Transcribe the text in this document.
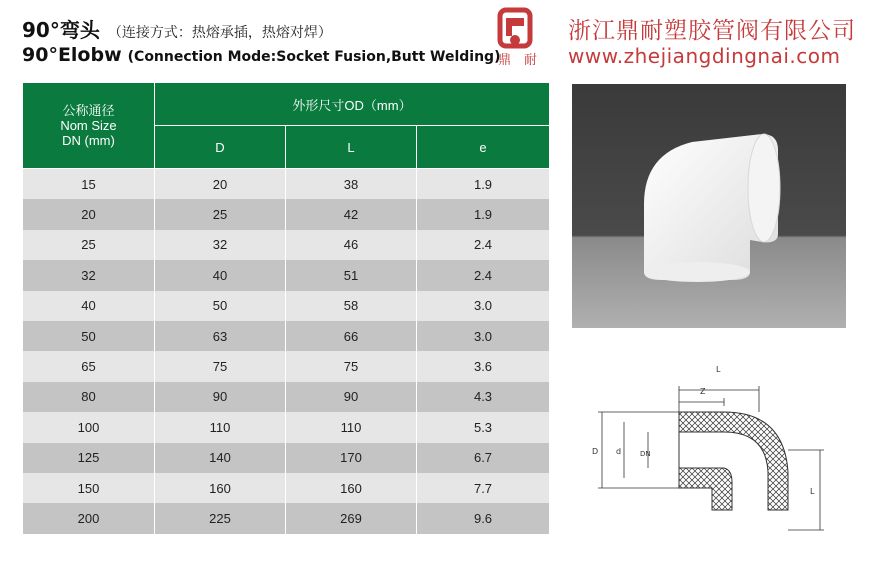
90°弯头 （连接方式：热熔承插，热熔对焊）
90°Elobw (Connection Mode:Socket Fusion,Butt Welding)
鼎 耐
浙江鼎耐塑胶管阀有限公司
www.zhejiangdingnai.com
公称通径
Nom Size
DN (mm)	外形尺寸OD（mm）		
	D	L	e
15	20	38	1.9
20	25	42	1.9
25	32	46	2.4
32	40	51	2.4
40	50	58	3.0
50	63	66	3.0
65	75	75	3.6
80	90	90	4.3
100	110	110	5.3
125	140	170	6.7
150	160	160	7.7
200	225	269	9.6
L
Z
D d	DN
L
